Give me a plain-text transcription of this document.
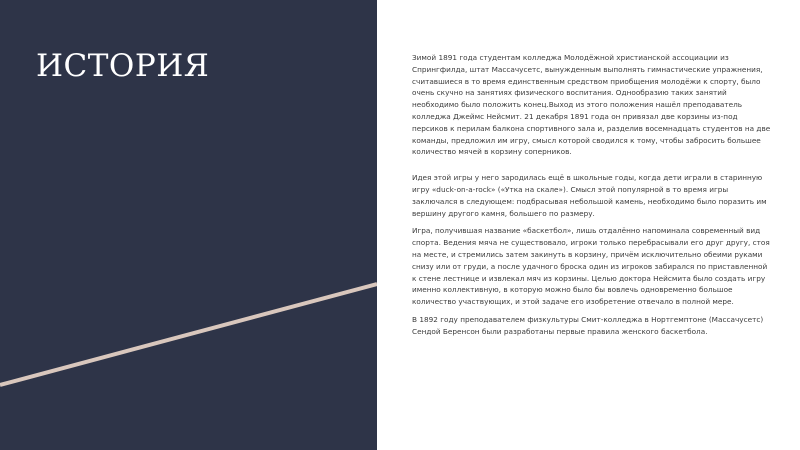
ИСТОРИЯ	Зимой 1891 года студентам колледжа Молодёжной христианской ассоциации из Спрингфилда, штат Массачусетс, вынужденным выполнять гимнастические упражнения, считавшиеся в то время единственным средством приобщения молодёжи к спорту, было очень скучно на занятиях физического воспитания. Однообразию таких занятий необходимо было положить конец.Выход из этого положения нашёл преподаватель колледжа Джеймс Нейсмит. 21 декабря 1891 года он привязал две корзины из-под персиков к перилам балкона спортивного зала и, разделив восемнадцать студентов на две команды, предложил им игру, смысл которой сводился к тому, чтобы забросить большее количество мячей в корзину соперников.

Идея этой игры у него зародилась ещё в школьные годы, когда дети играли в старинную игру «duck-on-a-rock» («Утка на скале»). Смысл этой популярной в то время игры заключался в следующем: подбрасывая небольшой камень, необходимо было поразить им вершину другого камня, большего по размеру.

Игра, получившая название «баскетбол», лишь отдалённо напоминала современный вид спорта. Ведения мяча не существовало, игроки только перебрасывали его друг другу, стоя на месте, и стремились затем закинуть в корзину, причём исключительно обеими руками снизу или от груди, а после удачного броска один из игроков забирался по приставленной к стене лестнице и извлекал мяч из корзины. Целью доктора Нейсмита было создать игру именно коллективную, в которую можно было бы вовлечь одновременно большое количество участвующих, и этой задаче его изобретение отвечало в полной мере.

В 1892 году преподавателем физкультуры Смит-колледжа в Нортгемптоне (Массачусетс) Сендой Беренсон были разработаны первые правила женского баскетбола.
